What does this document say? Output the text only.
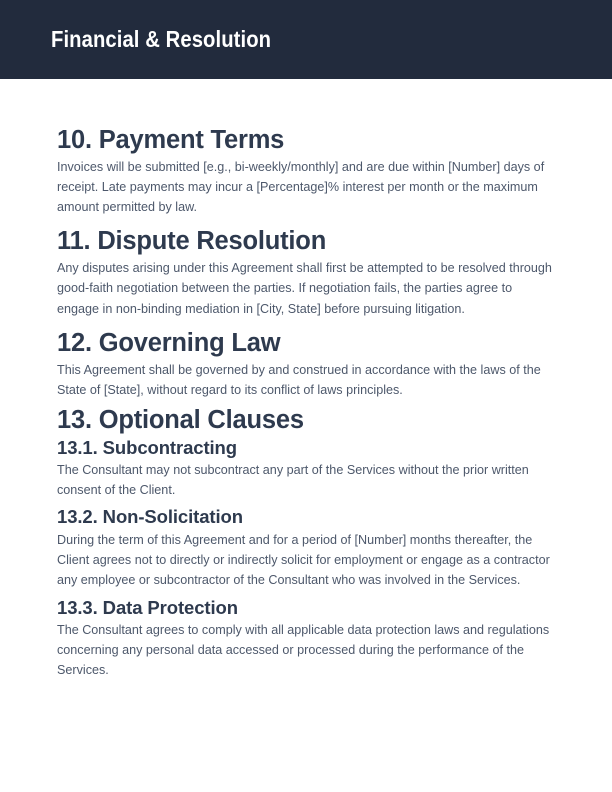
Financial & Resolution
10. Payment Terms

Invoices will be submitted [e.g., bi-weekly/monthly] and are due within [Number] days of receipt. Late payments may incur a [Percentage]% interest per month or the maximum amount permitted by law.

11. Dispute Resolution

Any disputes arising under this Agreement shall first be attempted to be resolved through good-faith negotiation between the parties. If negotiation fails, the parties agree to engage in non-binding mediation in [City, State] before pursuing litigation.

12. Governing Law

This Agreement shall be governed by and construed in accordance with the laws of the State of [State], without regard to its conflict of laws principles.

13. Optional Clauses
13.1. Subcontracting

The Consultant may not subcontract any part of the Services without the prior written consent of the Client.

13.2. Non-Solicitation

During the term of this Agreement and for a period of [Number] months thereafter, the Client agrees not to directly or indirectly solicit for employment or engage as a contractor any employee or subcontractor of the Consultant who was involved in the Services.

13.3. Data Protection

The Consultant agrees to comply with all applicable data protection laws and regulations concerning any personal data accessed or processed during the performance of the Services.
